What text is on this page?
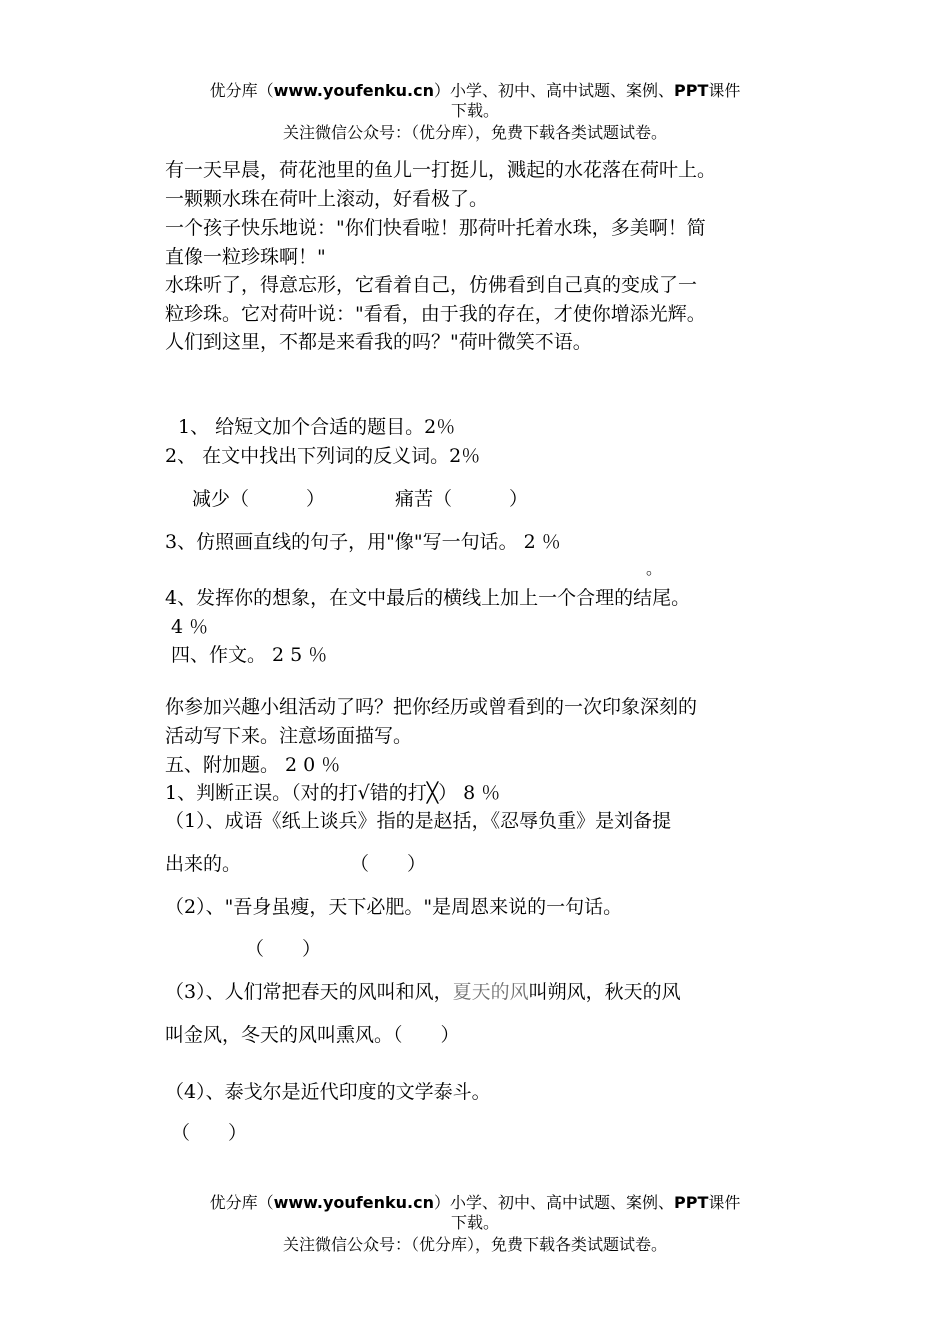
优分库（www.youfenku.cn）小学、初中、高中试题、案例、PPT课件
下载。
关注微信公众号：（优分库），免费下载各类试题试卷。
有一天早晨，荷花池里的鱼儿一打挺儿，溅起的水花落在荷叶上。
一颗颗水珠在荷叶上滚动，好看极了。
一个孩子快乐地说："你们快看啦！那荷叶托着水珠，多美啊！简
直像一粒珍珠啊！"
水珠听了，得意忘形，它看着自己，仿佛看到自己真的变成了一
粒珍珠。它对荷叶说："看看，由于我的存在，才使你增添光辉。
人们到这里，不都是来看我的吗？"荷叶微笑不语。
1、 给短文加个合适的题目。2％
2、 在文中找出下列词的反义词。2％
减少（　　　）	痛苦（　　　）
3、仿照画直线的句子，用"像"写一句话。 2 ％
。
4、发挥你的想象，在文中最后的横线上加上一个合理的结尾。
4 ％
四、作文。 2 5 ％
你参加兴趣小组活动了吗？把你经历或曾看到的一次印象深刻的
活动写下来。注意场面描写。
五、附加题。 2 0 ％
1、判断正误。（对的打√错的打╳） 8 ％
（1）、成语《纸上谈兵》指的是赵括，《忍辱负重》是刘备提
出来的。	（　　）
（2）、"吾身虽瘦，天下必肥。"是周恩来说的一句话。
（　　）
（3）、人们常把春天的风叫和风，夏天的风叫朔风，秋天的风
叫金风，冬天的风叫熏风。（　　）
（4）、泰戈尔是近代印度的文学泰斗。
（　　）
优分库（www.youfenku.cn）小学、初中、高中试题、案例、PPT课件
下载。
关注微信公众号：（优分库），免费下载各类试题试卷。
